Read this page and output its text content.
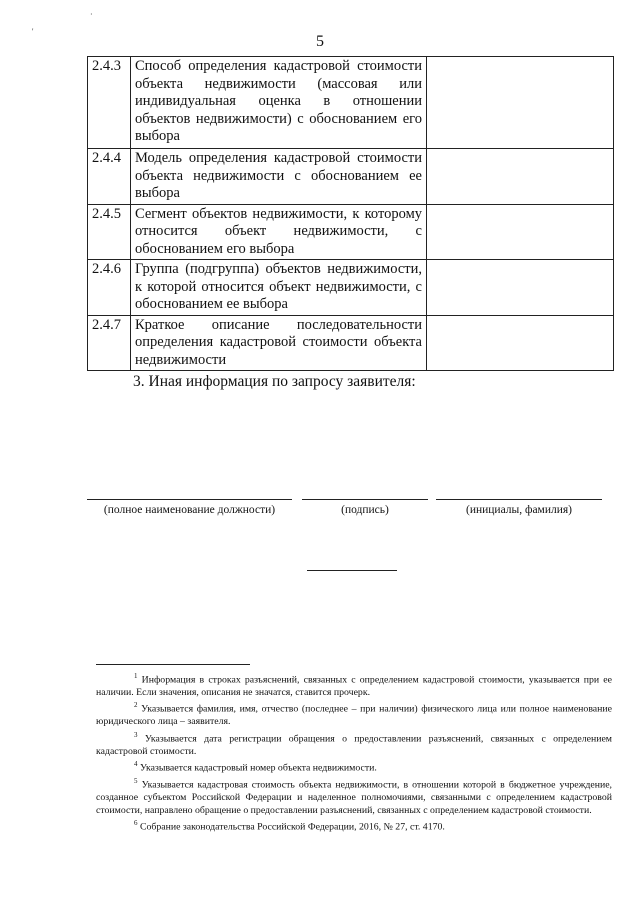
·
'
5
2.4.3	Способ определения кадастровой стоимости объекта недвижимости (массовая или индивидуальная оценка в отношении объектов недвижимости) с обоснованием его выбора	
2.4.4	Модель определения кадастровой стоимости объекта недвижимости с обоснованием ее выбора	
2.4.5	Сегмент объектов недвижимости, к которому относится объект недвижимости, с обоснованием его выбора	
2.4.6	Группа (подгруппа) объектов недвижимости, к которой относится объект недвижимости, с обоснованием ее выбора	
2.4.7	Краткое описание последовательности определения кадастровой стоимости объекта недвижимости	
3. Иная информация по запросу заявителя:
(полное наименование должности)	(подпись)	(инициалы, фамилия)

$^1$ Информация в строках разъяснений, связанных с определением кадастровой стоимости, указывается при ее наличии. Если значения, описания не значатся, ставится прочерк.

$^2$ Указывается фамилия, имя, отчество (последнее – при наличии) физического лица или полное наименование юридического лица – заявителя.

$^3$ Указывается дата регистрации обращения о предоставлении разъяснений, связанных с определением кадастровой стоимости.

$^4$ Указывается кадастровый номер объекта недвижимости.

$^5$ Указывается кадастровая стоимость объекта недвижимости, в отношении которой в бюджетное учреждение, созданное субъектом Российской Федерации и наделенное полномочиями, связанными с определением кадастровой стоимости, направлено обращение о предоставлении разъяснений, связанных с определением кадастровой стоимости.

$^6$ Собрание законодательства Российской Федерации, 2016, № 27, ст. 4170.
